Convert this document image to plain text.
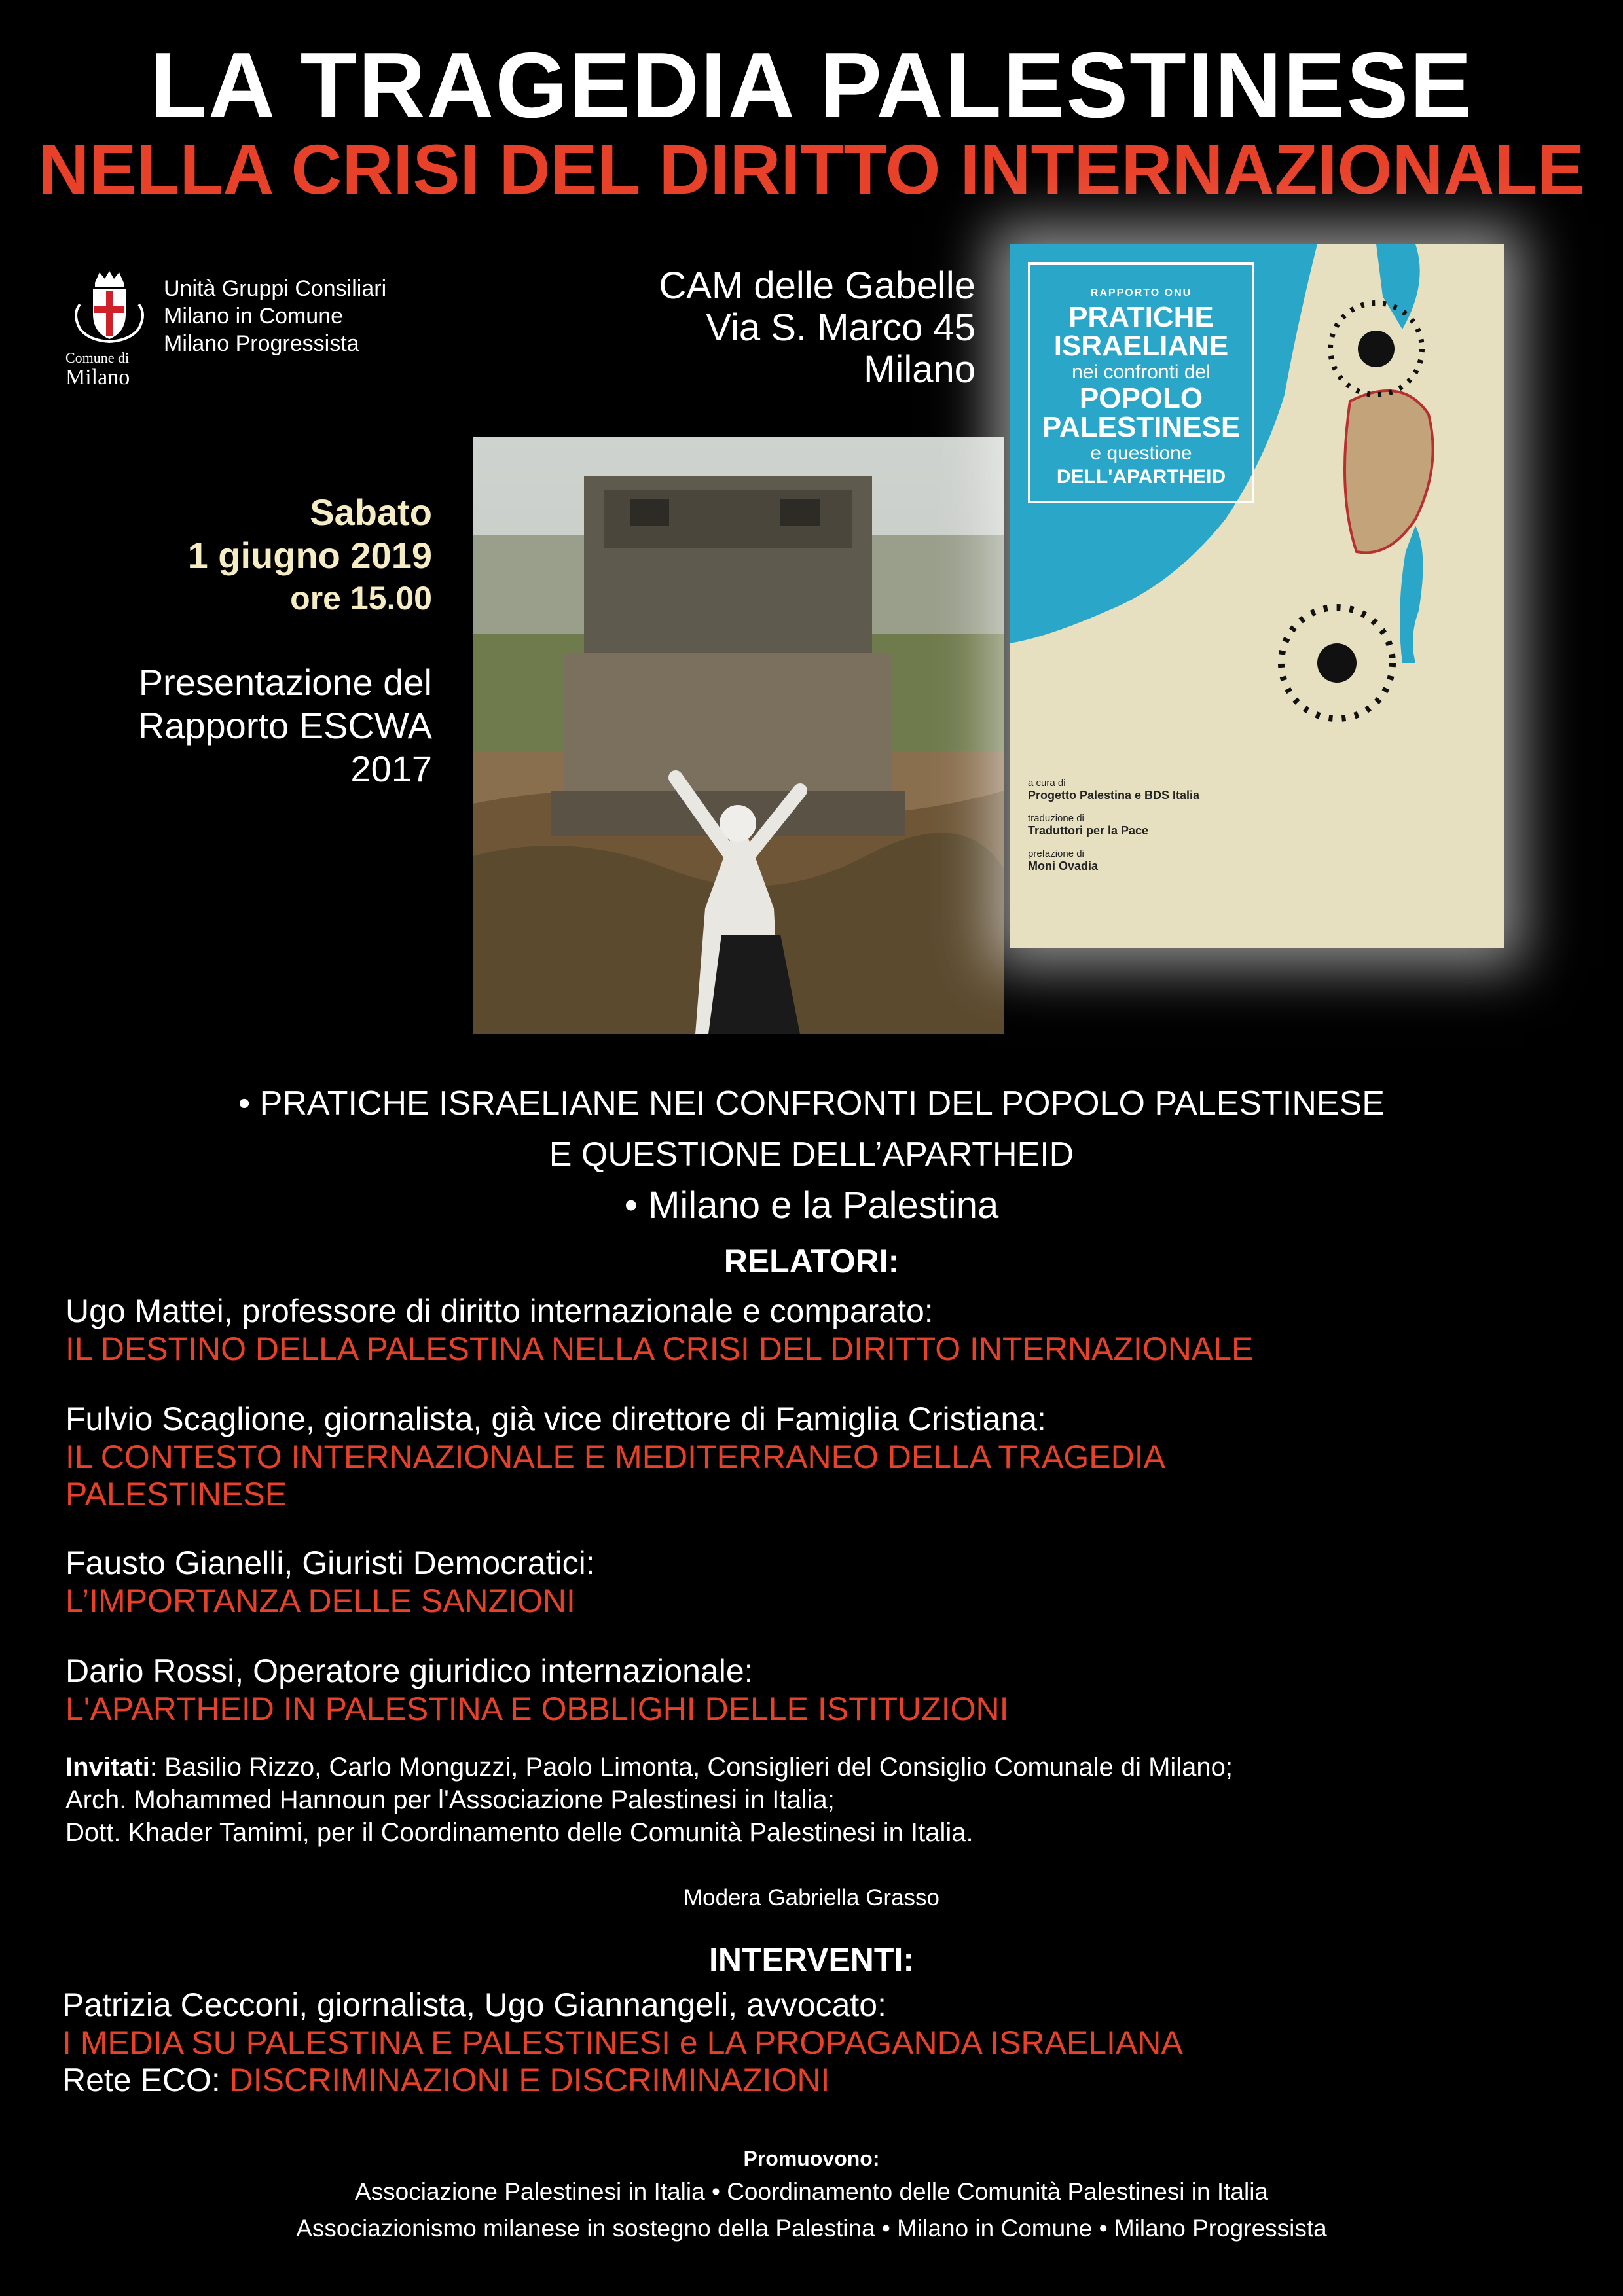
LA TRAGEDIA PALESTINESE
NELLA CRISI DEL DIRITTO INTERNAZIONALE
Comune di
Milano
Unità Gruppi Consiliari
Milano in Comune
Milano Progressista
CAM delle Gabelle
Via S. Marco 45
Milano
Sabato
1 giugno 2019
ore 15.00
Presentazione del
Rapporto ESCWA
2017
RAPPORTO ONU
PRATICHE
ISRAELIANE
nei confronti del
POPOLO
PALESTINESE
e questione
DELL'APARTHEID
a cura di
Progetto Palestina e BDS Italia
traduzione di
Traduttori per la Pace
prefazione di
Moni Ovadia
• PRATICHE ISRAELIANE NEI CONFRONTI DEL POPOLO PALESTINESE
E QUESTIONE DELL’APARTHEID
• Milano e la Palestina
RELATORI:
Ugo Mattei, professore di diritto internazionale e comparato:
IL DESTINO DELLA PALESTINA NELLA CRISI DEL DIRITTO INTERNAZIONALE
Fulvio Scaglione, giornalista, già vice direttore di Famiglia Cristiana:
IL CONTESTO INTERNAZIONALE E MEDITERRANEO DELLA TRAGEDIA PALESTINESE
Fausto Gianelli, Giuristi Democratici:
L’IMPORTANZA DELLE SANZIONI
Dario Rossi, Operatore giuridico internazionale:
L'APARTHEID IN PALESTINA E OBBLIGHI DELLE ISTITUZIONI
Invitati: Basilio Rizzo, Carlo Monguzzi, Paolo Limonta, Consiglieri del Consiglio Comunale di Milano;
Arch. Mohammed Hannoun per l'Associazione Palestinesi in Italia;
Dott. Khader Tamimi, per il Coordinamento delle Comunità Palestinesi in Italia.
Modera Gabriella Grasso
INTERVENTI:
Patrizia Cecconi, giornalista, Ugo Giannangeli, avvocato:
I MEDIA SU PALESTINA E PALESTINESI e LA PROPAGANDA ISRAELIANA
Rete ECO: DISCRIMINAZIONI E DISCRIMINAZIONI
Promuovono:
Associazione Palestinesi in Italia • Coordinamento delle Comunità Palestinesi in Italia
Associazionismo milanese in sostegno della Palestina • Milano in Comune • Milano Progressista
